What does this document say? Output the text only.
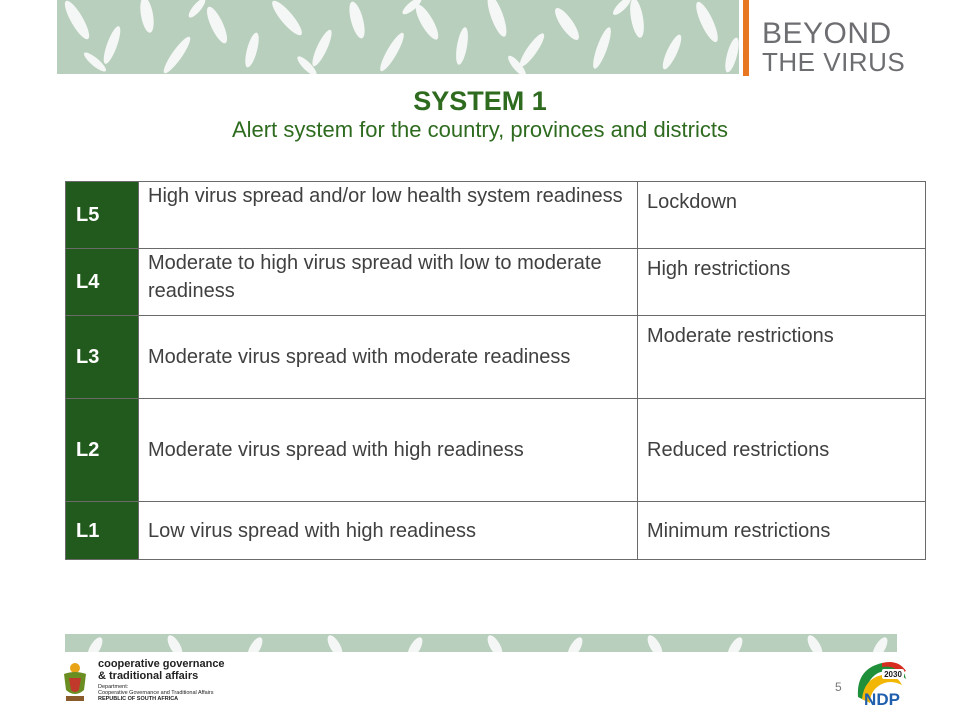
BEYOND
THE VIRUS
SYSTEM 1

Alert system for the country, provinces and districts

L5	High virus spread and/or low health system readiness	Lockdown
L4	Moderate to high virus spread with low to moderate readiness	High restrictions
L3	Moderate virus spread with moderate readiness	Moderate restrictions
L2	Moderate virus spread with high readiness	Reduced restrictions
L1	Low virus spread with high readiness	Minimum restrictions
cooperative governance
& traditional affairs
Department:
Cooperative Governance and Traditional Affairs
REPUBLIC OF SOUTH AFRICA
5
2030
NDP
